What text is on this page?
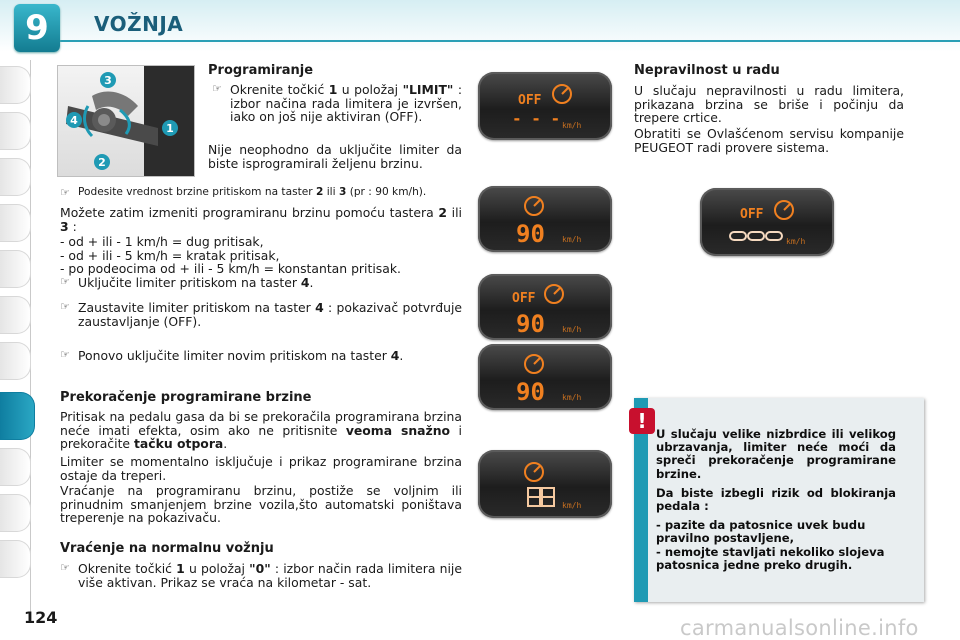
9	VOŽNJA
3
1
2
4
Programiranje
Okrenite točkić 1 u položaj "LIMIT" : izbor načina rada limitera je izvršen, iako on još nije aktiviran (OFF).
Nije neophodno da uključite limiter da biste isprogramirali željenu brzinu.
Podesite vrednost brzine pritiskom na taster 2 ili 3 (pr : 90 km/h).
Možete zatim izmeniti programiranu brzinu pomoću tastera 2 ili 3 :
- od + ili - 1 km/h = dug pritisak,
- od + ili - 5 km/h = kratak pritisak,
- po podeocima od + ili - 5 km/h = konstantan pritisak.
Uključite limiter pritiskom na taster 4.
Zaustavite limiter pritiskom na taster 4 : pokazivač potvrđuje zaustavljanje (OFF).
Ponovo uključite limiter novim pritiskom na taster 4.
Prekoračenje programirane brzine
Pritisak na pedalu gasa da bi se prekoračila programirana brzina neće imati efekta, osim ako ne pritisnite veoma snažno i prekoračite tačku otpora.
Limiter se momentalno isključuje i prikaz programirane brzina ostaje da treperi.
Vraćanje na programiranu brzinu, postiže se voljnim ili prinudnim smanjenjem brzine vozila,što automatski poništava treperenje na pokazivaču.
Vraćenje na normalnu vožnju
Okrenite točkić 1 u položaj "0" : izbor način rada limitera nije više aktivan. Prikaz se vraća na kilometar - sat.
OFF
- - - km/h
90 km/h
OFF
90 km/h
90 km/h
km/h
Nepravilnost u radu
U slučaju nepravilnosti u radu limitera, prikazana brzina se briše i počinju da trepere crtice.
Obratiti se Ovlašćenom servisu kompanije PEUGEOT radi provere sistema.
OFF
km/h
!
U slučaju velike nizbrdice ili velikog ubrzavanja, limiter neće moći da spreči prekoračenje programirane brzine.
Da biste izbegli rizik od blokiranja pedala :
- pazite da patosnice uvek budu pravilno postavljene,
- nemojte stavljati nekoliko slojeva patosnica jedne preko drugih.
124	carmanualsonline.info
